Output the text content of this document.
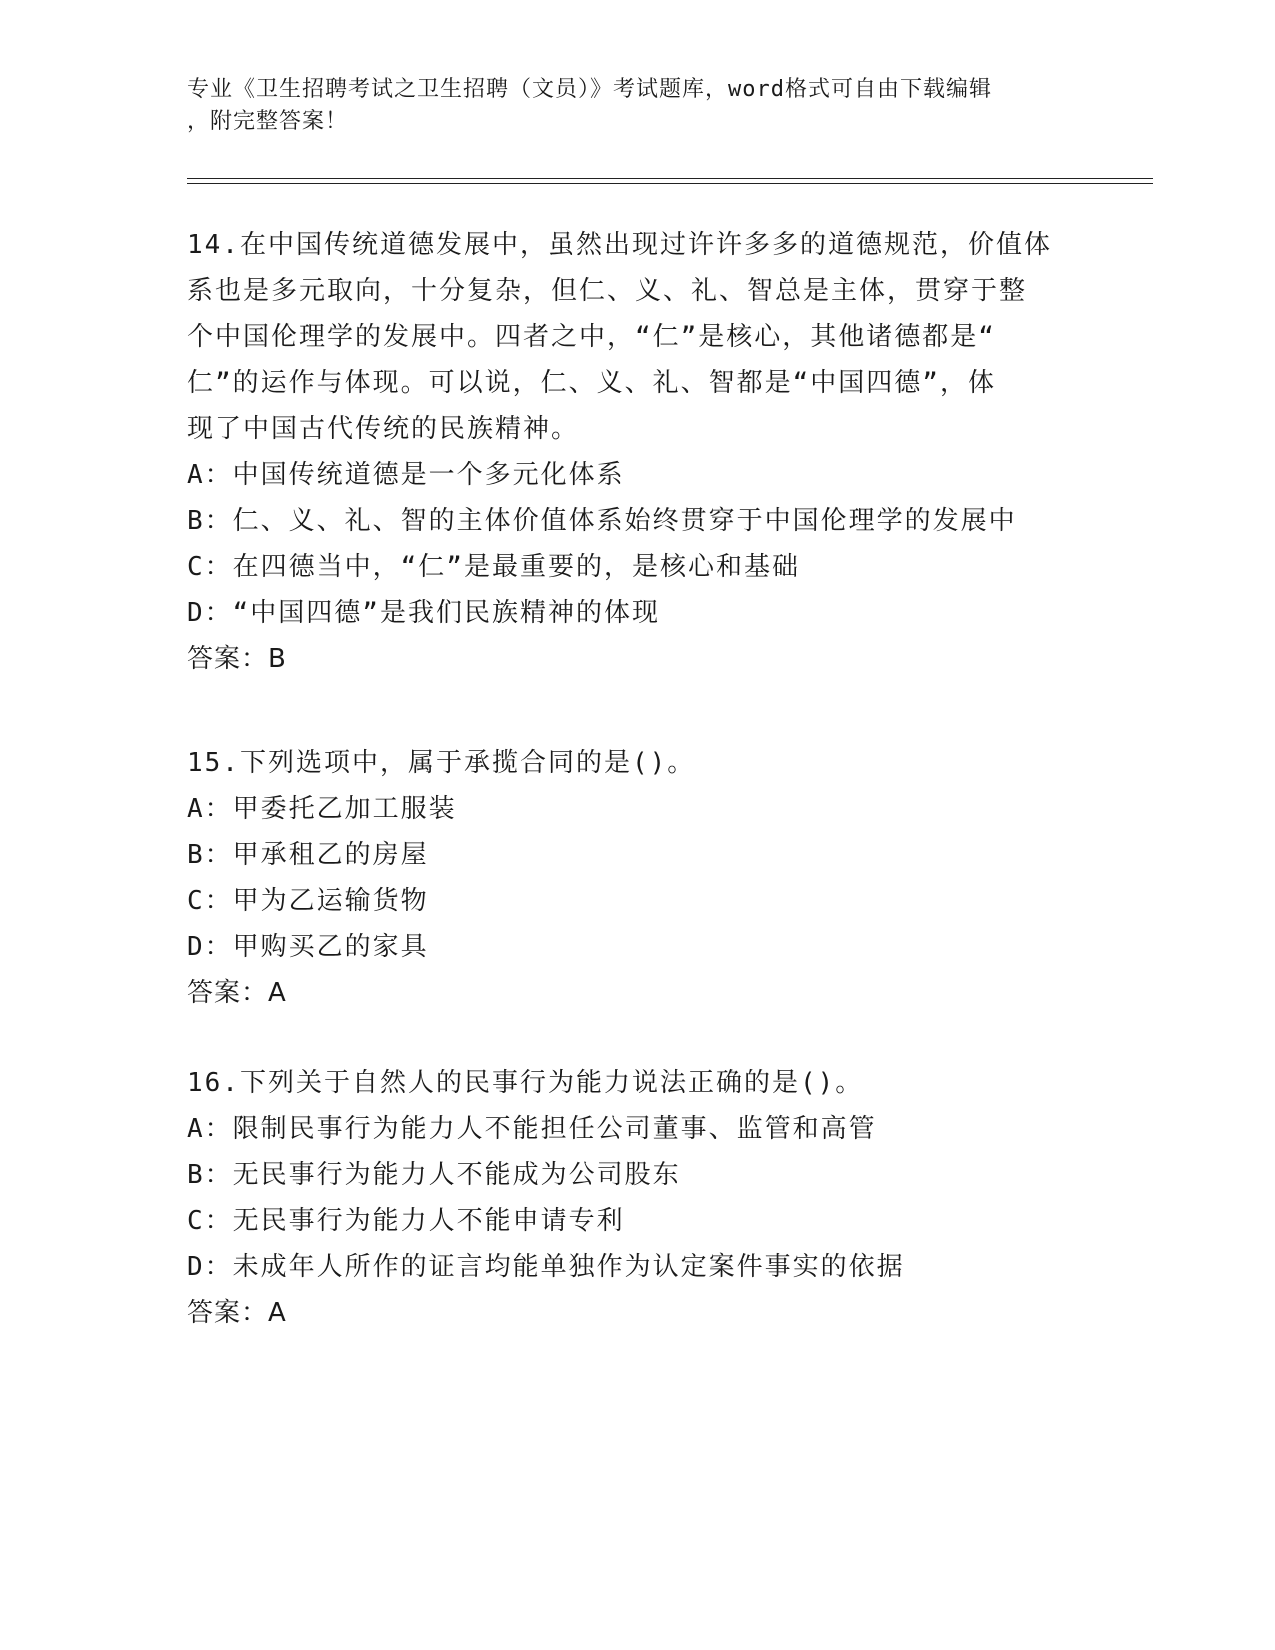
专业《卫生招聘考试之卫生招聘（文员）》考试题库，word格式可自由下载编辑
，附完整答案！
14.在中国传统道德发展中，虽然出现过许许多多的道德规范，价值体
系也是多元取向，十分复杂，但仁、义、礼、智总是主体，贯穿于整
个中国伦理学的发展中。四者之中，“仁”是核心，其他诸德都是“
仁”的运作与体现。可以说，仁、义、礼、智都是“中国四德”，体
现了中国古代传统的民族精神。
A：中国传统道德是一个多元化体系
B：仁、义、礼、智的主体价值体系始终贯穿于中国伦理学的发展中
C：在四德当中，“仁”是最重要的，是核心和基础
D：“中国四德”是我们民族精神的体现
答案：B
15.下列选项中，属于承揽合同的是()。
A：甲委托乙加工服装
B：甲承租乙的房屋
C：甲为乙运输货物
D：甲购买乙的家具
答案：A
16.下列关于自然人的民事行为能力说法正确的是()。
A：限制民事行为能力人不能担任公司董事、监管和高管
B：无民事行为能力人不能成为公司股东
C：无民事行为能力人不能申请专利
D：未成年人所作的证言均能单独作为认定案件事实的依据
答案：A
